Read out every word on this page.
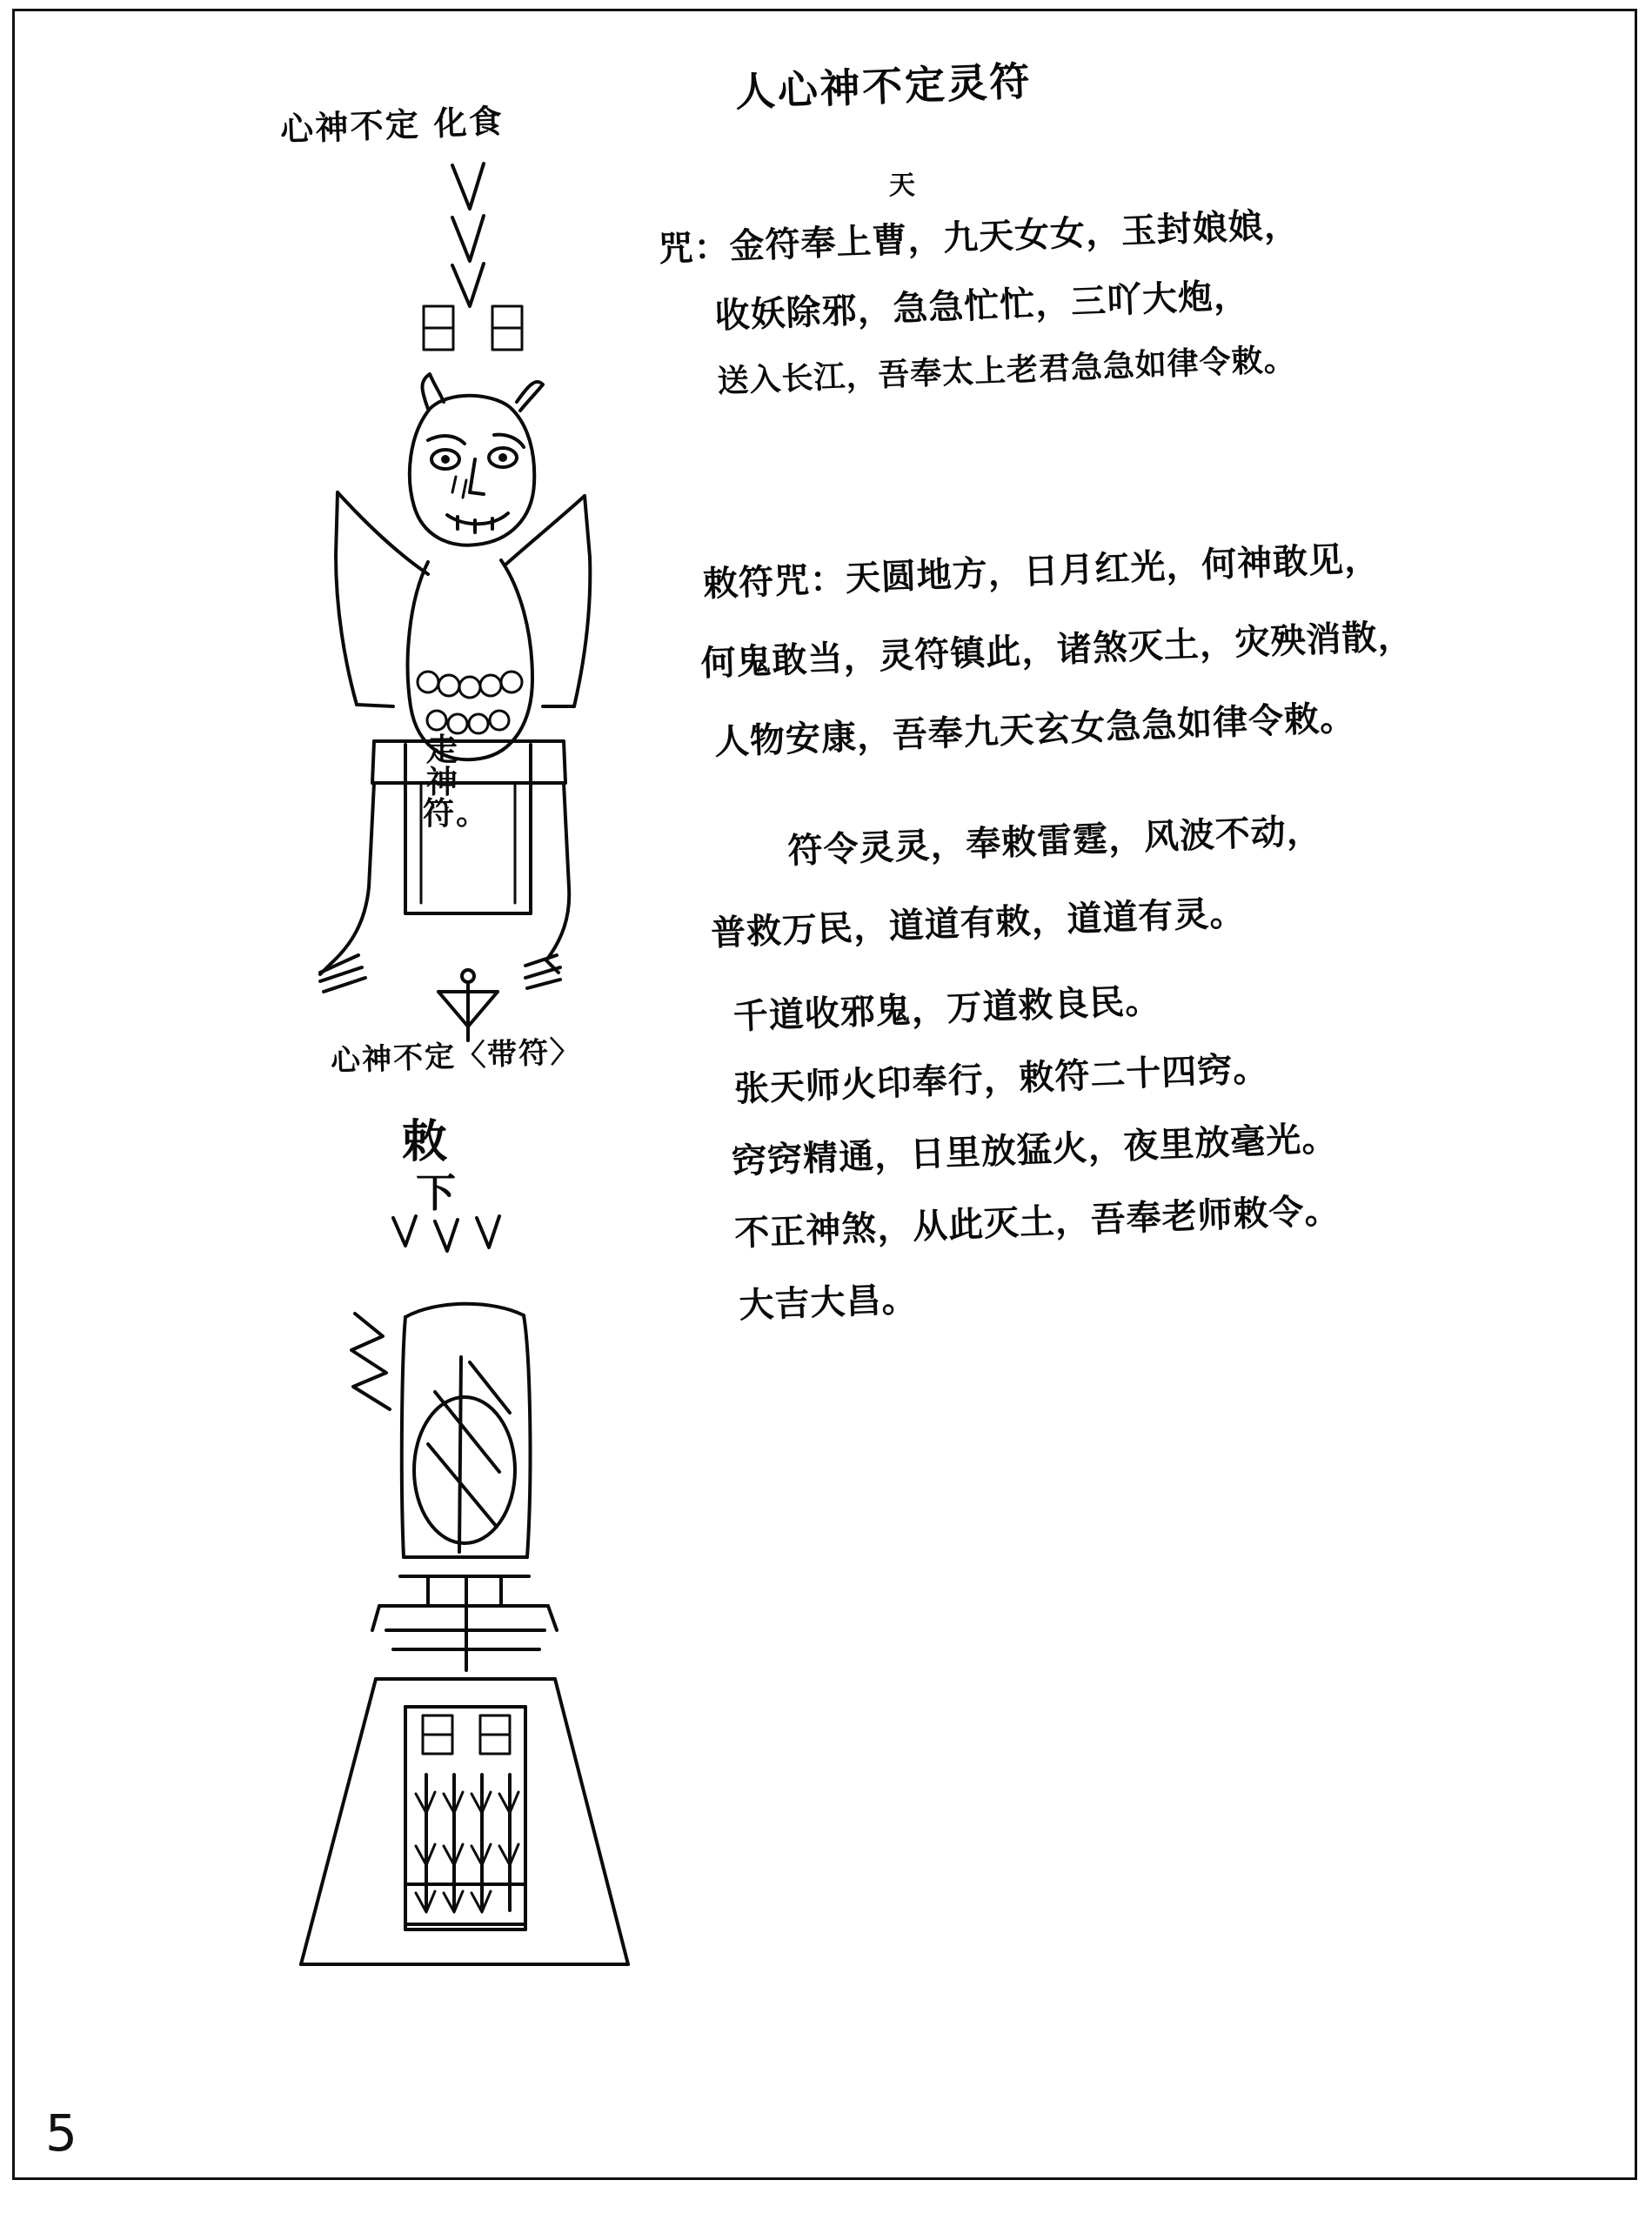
人心神不定灵符
天
咒：金符奉上曹，九天女女，玉封娘娘，
收妖除邪，急急忙忙，三吖大炮，
送入长江，吾奉太上老君急急如律令敕。
敕符咒：天圆地方，日月红光，何神敢见，
何鬼敢当，灵符镇此，诸煞灭土，灾殃消散，
人物安康，吾奉九天玄女急急如律令敕。
符令灵灵，奉敕雷霆，风波不动，
普救万民，道道有敕，道道有灵。
千道收邪鬼，万道救良民。
张天师火印奉行，敕符二十四窍。
窍窍精通，日里放猛火，夜里放毫光。
不正神煞，从此灭土，吾奉老师敕令。
大吉大昌。
心神不定 化食
心神不定〈带符〉
敕
下
走神符。
5
